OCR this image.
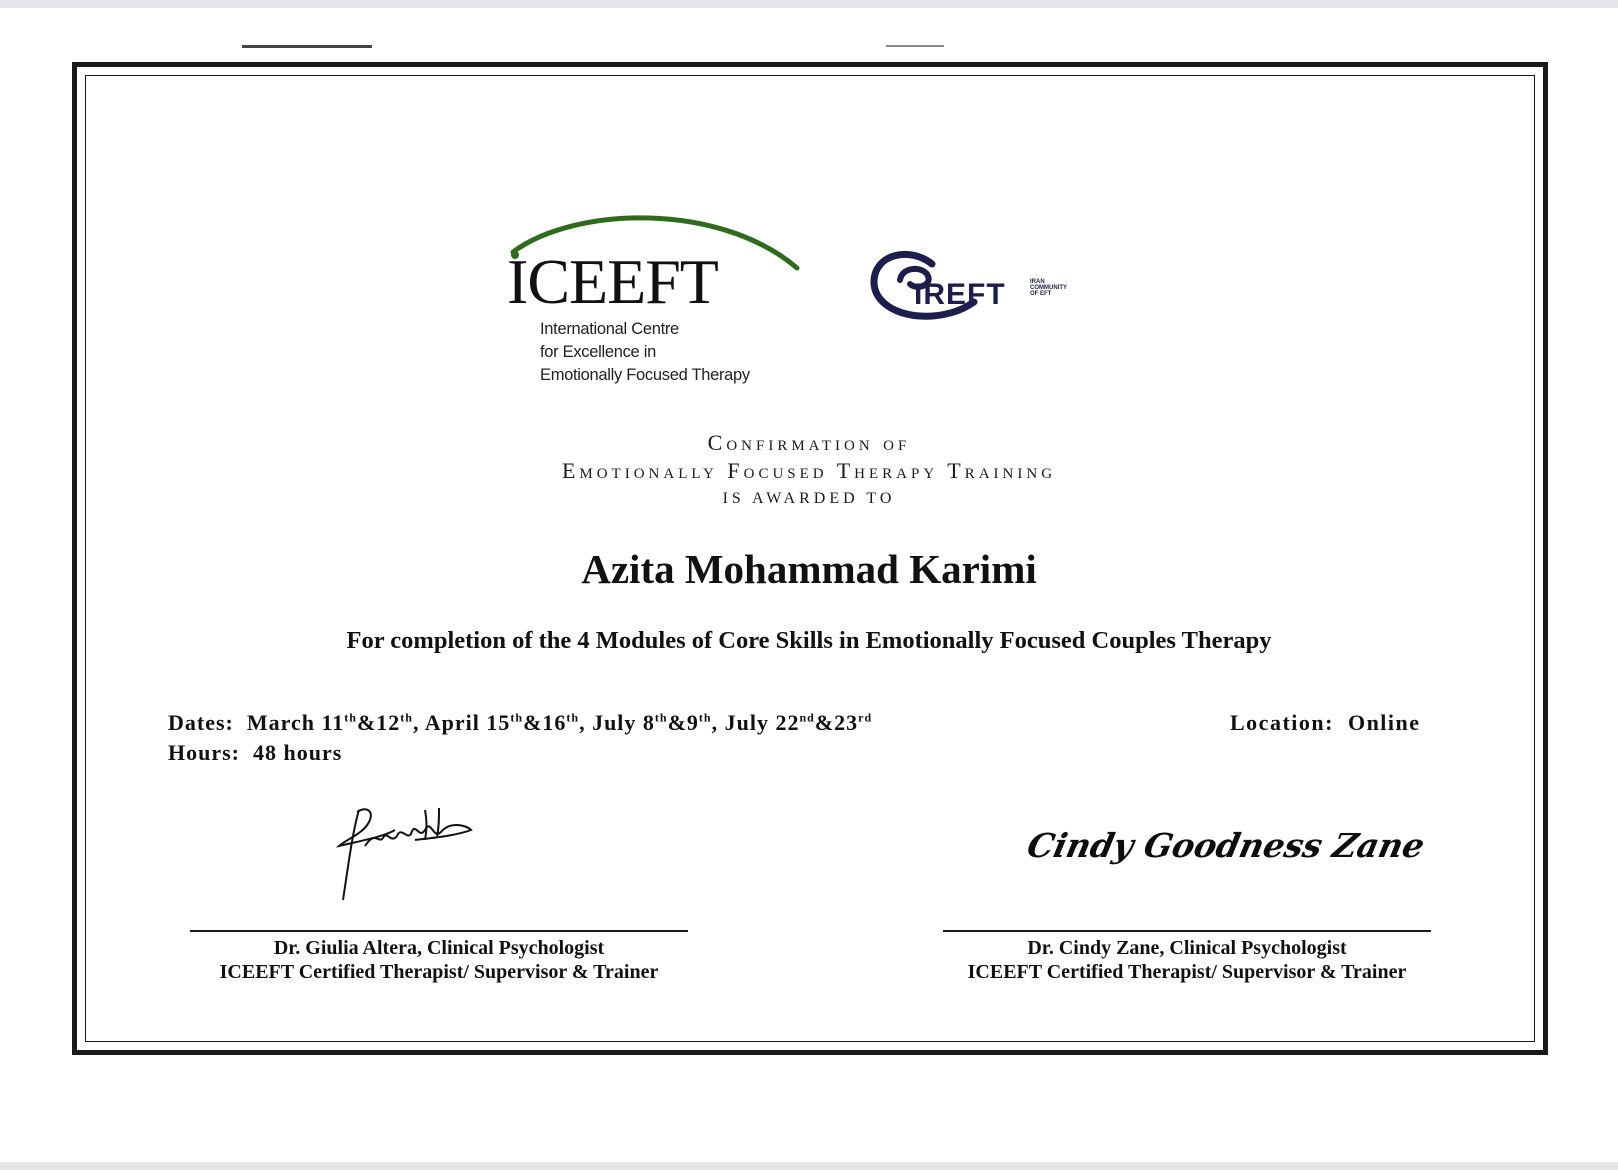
ICEEFT
International Centre
for Excellence in
Emotionally Focused Therapy
IREFT	IRAN
COMMUNITY
OF EFT
Confirmation of
Emotionally Focused Therapy Training
IS AWARDED TO
Azita Mohammad Karimi
For completion of the 4 Modules of Core Skills in Emotionally Focused Couples Therapy
Dates: March 11th&12th, April 15th&16th, July 8th&9th, July 22nd&23rd
Hours: 48 hours
Location: Online
Cindy Goodness Zane
Dr. Giulia Altera, Clinical Psychologist
ICEEFT Certified Therapist/ Supervisor & Trainer
Dr. Cindy Zane, Clinical Psychologist
ICEEFT Certified Therapist/ Supervisor & Trainer
